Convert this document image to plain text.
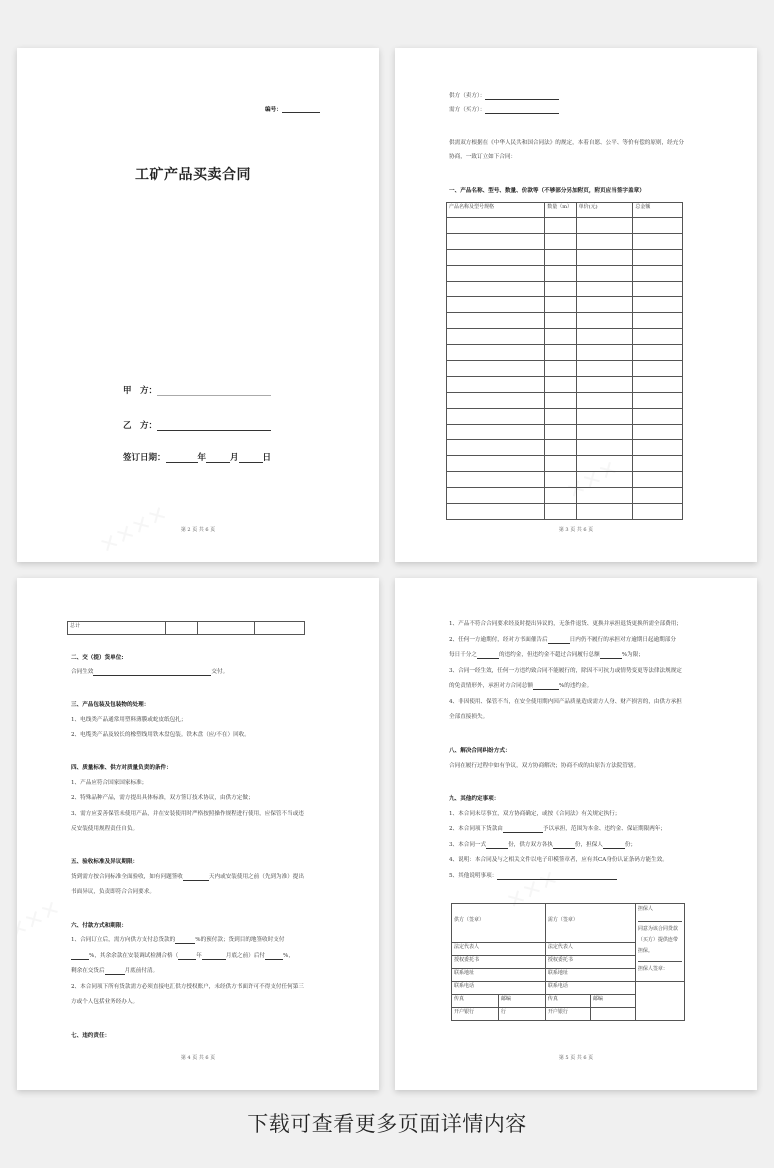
编号：
工矿产品买卖合同
甲　方：
乙　方：
签订日期：	年	月	日
第 2 页 共 6 页
供方（卖方）：
需方（买方）：
供需双方根据在《中华人民共和国合同法》的规定，本着自愿、公平、等价有偿的原则，经充分
协商，一致订立如下合同：
一、产品名称、型号、数量、价款等（不够部分另加附页，附页应当签字盖章）
产品名称及型号规格	数量（m）	单价(元)	总金额

第 3 页 共 6 页
总计			
二、交（提）货单位:
合同生效	交付。
三、产品包装及包装物的处理：
1、电线类产品通常用塑料薄膜或蛇皮纸包扎；
2、电缆类产品及较长的橡塑线用铁木盘包装。铁木盘（应/不在）回收。
四、质量标准、供方对质量负责的条件：
1、产品应符合国家国家标准；
2、特殊品种产品，需方提出具体标准，双方签订技术协议，由供方定做；
3、需方应妥善保管未使用产品，并在安装使用时严格按照操作规程进行使用，应保管不当或违
反安装使用规程责任自负。
五、验收标准及异议期限：
货到需方按合同标准全面验收，如有问题签收	天内或安装使用之前（先到为准）提出
书面异议，负责即符合合同要求。
六、付款方式和期限：
1、合同订立后，需方向供方支付总货款的	%的预付款；货到目的地签收时支付
%，其余余款在安装调试检测合格（	年	月底之前）后付	%，
剩余在交货后	月底前付清。
2、本合同项下所有货款需方必须直接电汇供方授权账户，未经供方书面许可不得支付任何第三
方或个人包括业务经办人。
七、违约责任：
第 4 页 共 6 页
1、产品不符合合同要求经及时提出异议的，无条件退货、更换并承担退货更换所需全部费用；
2、任何一方逾期付，经对方书面催告后	日内仍不履行的承担对方逾期日起逾期部分
每日千分之	的违约金，但违约金不超过合同履行总额	%为限；
3、合同一经生效，任何一方违约致合同不能履行的，除因不可抗力或情势变更等法律法规规定
的免责情形外，承担对方合同总额	%的违约金。
4、非因使用、保管不当，在安全使用期内因产品质量造成需方人身、财产损害的，由供方承担
全部直接损失。
八、解决合同纠纷方式：
合同在履行过程中如有争议，双方协商解决；协商不成的由原告方法院管辖。
九、其他约定事项：
1、本合同未尽事宜，双方协商确定，或按《合同法》有关规定执行；
2、本合同项下货款由	予以承担，范围为本金、违约金、保证期限两年；
3、本合同一式	份，供方双方各执	份，担保人	份；
4、说明：本合同及与之相关文件以电子印模签章者，应有其CA身份认证条码方能生效。
5、其他说明事项：
供方（签章）		需方（签章）		担保人
同意为该合同贷款（买方）提供连带担保。
担保人签章：

法定代表人		法定代表人		
授权委托书		授权委托书		
联系地址		联系地址		
联系电话		联系电话		
传真	邮编	传真	邮编	
开户银行	行	开户银行		
第 5 页 共 6 页
下载可查看更多页面详情内容
